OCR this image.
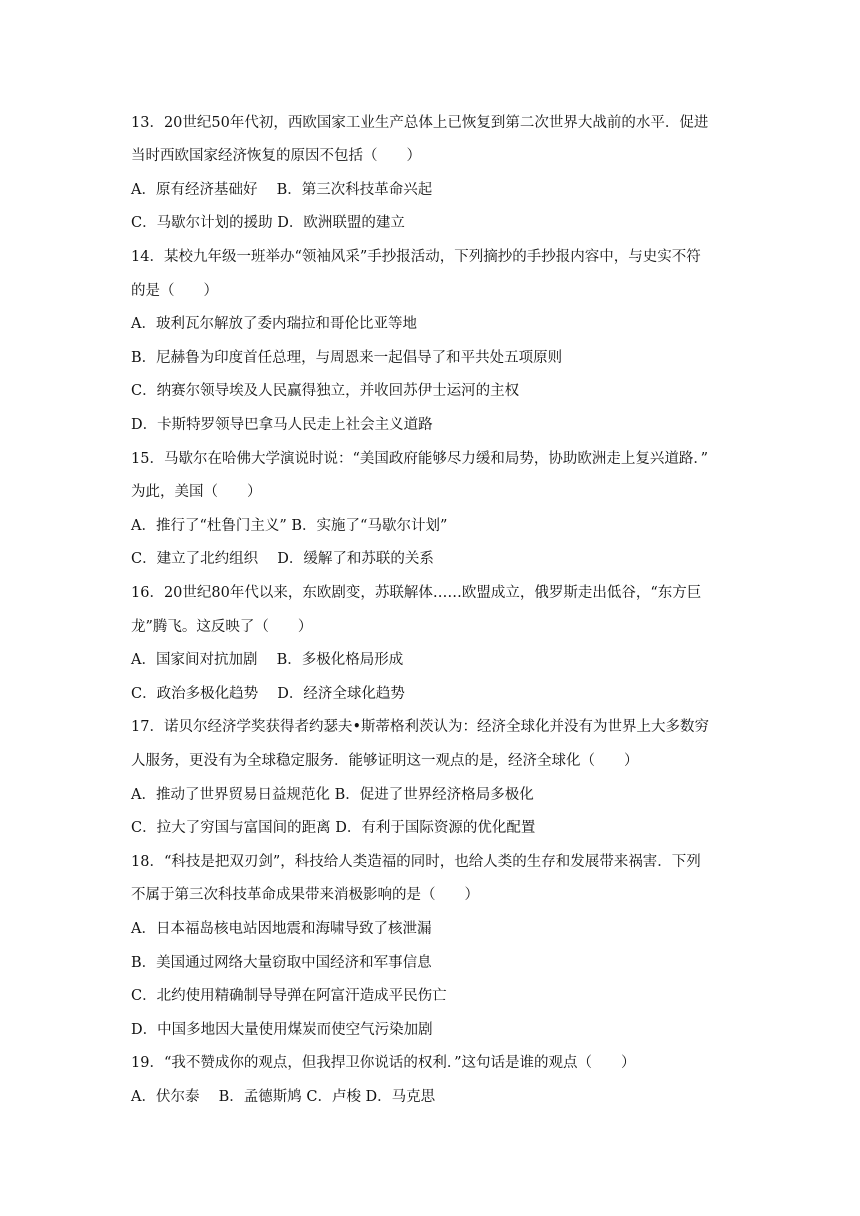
13．20世纪50年代初，西欧国家工业生产总体上已恢复到第二次世界大战前的水平．促进
当时西欧国家经济恢复的原因不包括（　　）
A．原有经济基础好　 B．第三次科技革命兴起
C．马歇尔计划的援助 D．欧洲联盟的建立
14．某校九年级一班举办“领袖风采”手抄报活动，下列摘抄的手抄报内容中，与史实不符
的是（　　）
A．玻利瓦尔解放了委内瑞拉和哥伦比亚等地
B．尼赫鲁为印度首任总理，与周恩来一起倡导了和平共处五项原则
C．纳赛尔领导埃及人民赢得独立，并收回苏伊士运河的主权
D．卡斯特罗领导巴拿马人民走上社会主义道路
15．马歇尔在哈佛大学演说时说：“美国政府能够尽力缓和局势，协助欧洲走上复兴道路．”
为此，美国（　　）
A．推行了“杜鲁门主义” B．实施了“马歇尔计划”
C．建立了北约组织　 D．缓解了和苏联的关系
16．20世纪80年代以来，东欧剧变，苏联解体……欧盟成立，俄罗斯走出低谷，“东方巨
龙”腾飞。这反映了（　　）
A．国家间对抗加剧　 B．多极化格局形成
C．政治多极化趋势　 D．经济全球化趋势
17．诺贝尔经济学奖获得者约瑟夫•斯蒂格利茨认为：经济全球化并没有为世界上大多数穷
人服务，更没有为全球稳定服务．能够证明这一观点的是，经济全球化（　　）
A．推动了世界贸易日益规范化 B．促进了世界经济格局多极化
C．拉大了穷国与富国间的距离 D．有利于国际资源的优化配置
18．“科技是把双刃剑”，科技给人类造福的同时，也给人类的生存和发展带来祸害．下列
不属于第三次科技革命成果带来消极影响的是（　　）
A．日本福岛核电站因地震和海啸导致了核泄漏
B．美国通过网络大量窃取中国经济和军事信息
C．北约使用精确制导导弹在阿富汗造成平民伤亡
D．中国多地因大量使用煤炭而使空气污染加剧
19．“我不赞成你的观点，但我捍卫你说话的权利．”这句话是谁的观点（　　）
A．伏尔泰　 B．孟德斯鸠 C．卢梭 D．马克思
